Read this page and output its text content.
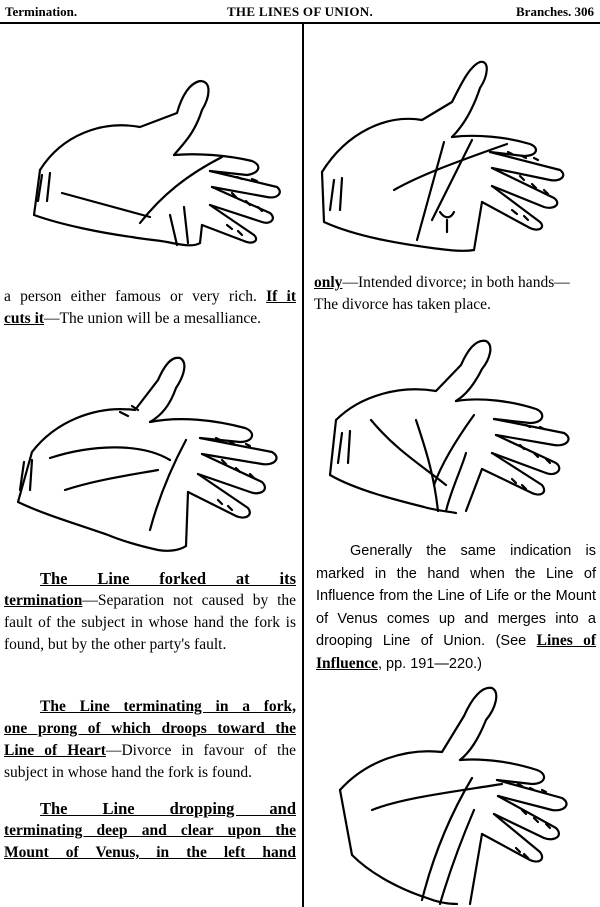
THE LINES OF UNION.
Termination.	Branches. 306

a person either famous or very rich. If it

cuts it—The union will be a mesalliance.

The Line forked at its

termination—Separation not caused by the fault of the subject in whose hand the fork is found, but by the other party's fault.

The Line terminating in a fork,

one prong of which droops toward the

Line of Heart—Divorce in favour of the subject in whose hand the fork is found.

The Line dropping and

terminating deep and clear upon the

Mount of Venus, in the left hand

only—Intended divorce; in both hands—

The divorce has taken place.

Generally the same indication is marked in the hand when the Line of Influence from the Line of Life or the Mount of Venus comes up and merges into a drooping Line of Union. (See Lines of Influence, pp. 191—220.)
